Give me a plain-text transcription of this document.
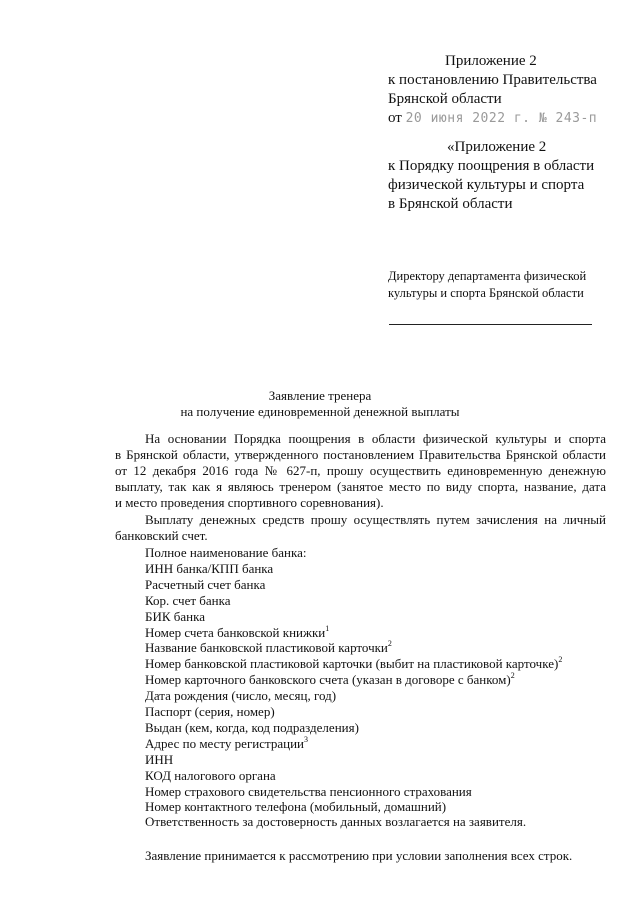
Приложение 2
к постановлению Правительства
Брянской области
от 20 июня 2022 г. № 243-п
«Приложение 2
к Порядку поощрения в области
физической культуры и спорта
в Брянской области
Директору департамента физической
культуры и спорта Брянской области
Заявление тренера
на получение единовременной денежной выплаты
На основании Порядка поощрения в области физической культуры и спорта
в Брянской области, утвержденного постановлением Правительства Брянской области
от 12 декабря 2016 года № 627-п, прошу осуществить единовременную денежную
выплату, так как я являюсь тренером (занятое место по виду спорта, название, дата
и место проведения спортивного соревнования).
Выплату денежных средств прошу осуществлять путем зачисления на личный
банковский счет.
Полное наименование банка:
ИНН банка/КПП банка
Расчетный счет банка
Кор. счет банка
БИК банка
Номер счета банковской книжки$^1$
Название банковской пластиковой карточки$^2$
Номер банковской пластиковой карточки (выбит на пластиковой карточке)$^2$
Номер карточного банковского счета (указан в договоре с банком)$^2$
Дата рождения (число, месяц, год)
Паспорт (серия, номер)
Выдан (кем, когда, код подразделения)
Адрес по месту регистрации$^3$
ИНН
КОД налогового органа
Номер страхового свидетельства пенсионного страхования
Номер контактного телефона (мобильный, домашний)
Ответственность за достоверность данных возлагается на заявителя.
Заявление принимается к рассмотрению при условии заполнения всех строк.
